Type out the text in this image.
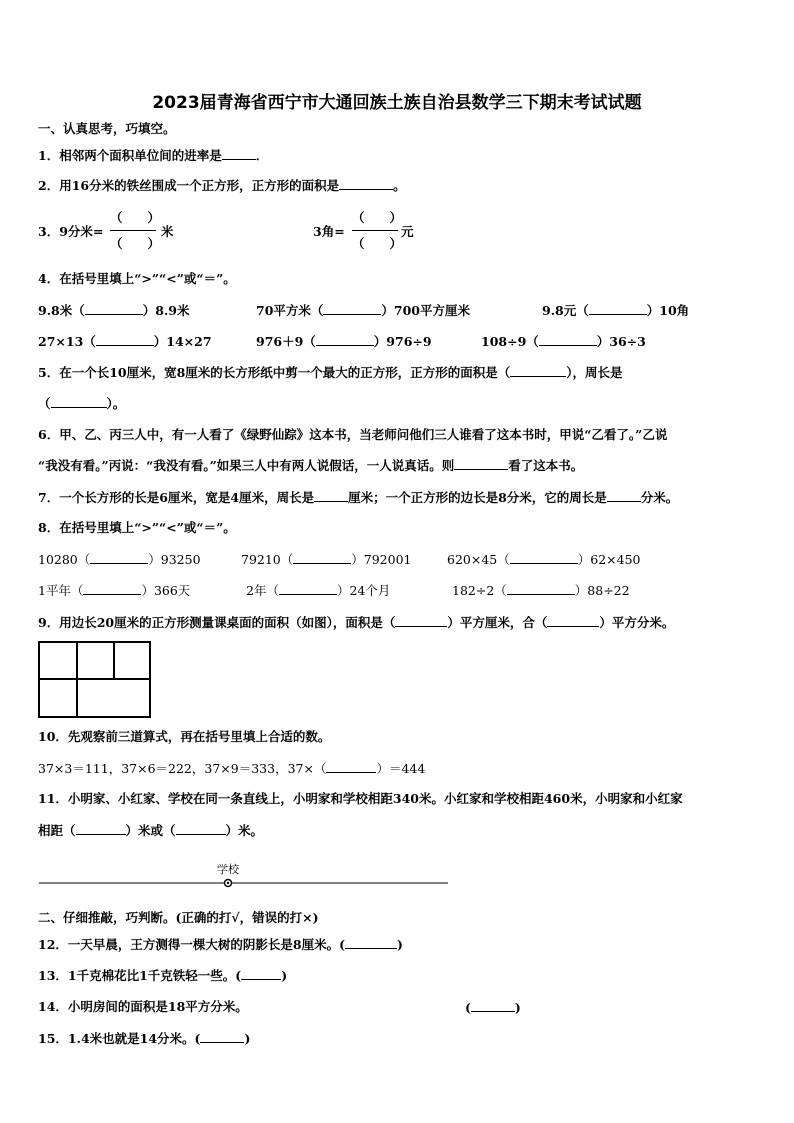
2023届青海省西宁市大通回族土族自治县数学三下期末考试试题
一、认真思考，巧填空。
1．相邻两个面积单位间的进率是	．
2．用16分米的铁丝围成一个正方形，正方形的面积是	。
3．9分米=
（　　）
（　　）
米	3角=
（　　）
（　　）
元
4．在括号里填上“>”“<”或“＝”。
9.8米（	）8.9米	70平方米（	）700平方厘米	9.8元（	）10角
27×13（	）14×27	976＋9（	）976÷9	108÷9（	）36÷3
5．在一个长10厘米，宽8厘米的长方形纸中剪一个最大的正方形，正方形的面积是（	），周长是
（	）。
6．甲、乙、丙三人中，有一人看了《绿野仙踪》这本书，当老师问他们三人谁看了这本书时，甲说“乙看了。”乙说
“我没有看。”丙说：“我没有看。”如果三人中有两人说假话，一人说真话。则	看了这本书。
7．一个长方形的长是6厘米，宽是4厘米，周长是	厘米；一个正方形的边长是8分米，它的周长是	分米。
8．在括号里填上“>”“<”或“＝”。
10280（	）93250	79210（	）792001	620×45（	）62×450
1平年（	）366天	2年（	）24个月	182÷2（	）88÷22
9．用边长20厘米的正方形测量课桌面的面积（如图），面积是（	）平方厘米，合（	）平方分米。
10．先观察前三道算式，再在括号里填上合适的数。
37×3＝111，37×6＝222，37×9＝333，37×（	）＝444
11．小明家、小红家、学校在同一条直线上，小明家和学校相距340米。小红家和学校相距460米，小明家和小红家
相距（	）米或（	）米。
学校
二、仔细推敲，巧判断。(正确的打√，错误的打×)
12．一天早晨，王方测得一棵大树的阴影长是8厘米。(	)
13．1千克棉花比1千克铁轻一些。(	)
14．小明房间的面积是18平方分米。	(	)
15．1.4米也就是14分米。(	)
